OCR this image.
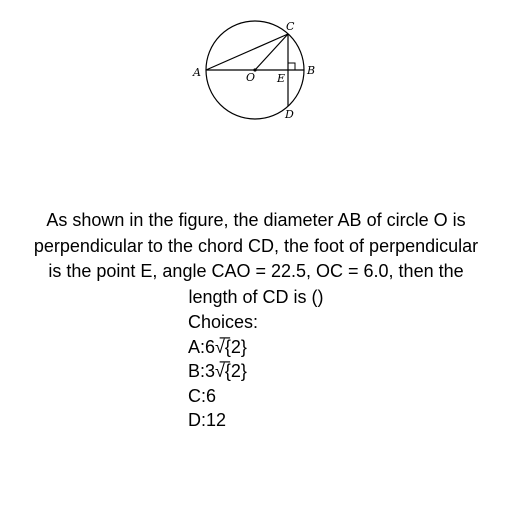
A	B
C
D
O E
As shown in the figure, the diameter AB of circle O is
perpendicular to the chord CD, the foot of perpendicular
is the point E, angle CAO = 22.5, OC = 6.0, then the
length of CD is ()
Choices:
A:6√̅{2}
B:3√̅{2}
C:6
D:12
